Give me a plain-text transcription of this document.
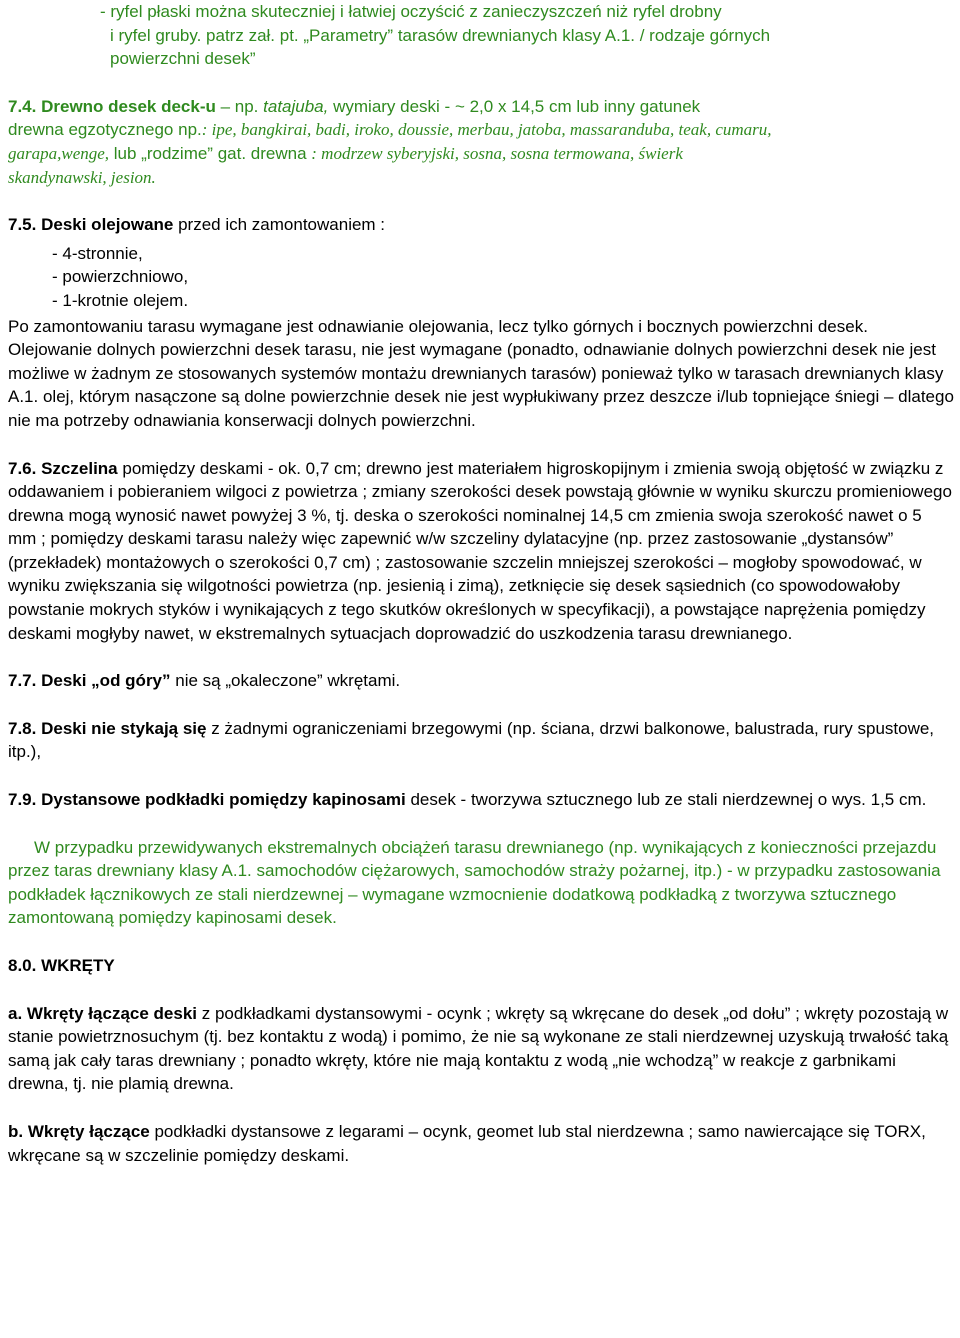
- ryfel płaski można skuteczniej i łatwiej oczyścić z zanieczyszczeń niż ryfel drobny

i ryfel gruby. patrz zał. pt. „Parametry” tarasów drewnianych klasy A.1. / rodzaje górnych

powierzchni desek”

7.4. Drewno desek deck-u – np. tatajuba, wymiary deski - ~ 2,0 x 14,5 cm lub inny gatunek

drewna egzotycznego np.: ipe, bangkirai, badi, iroko, doussie, merbau, jatoba, massaranduba, teak, cumaru,

garapa,wenge, lub „rodzime” gat. drewna : modrzew syberyjski, sosna, sosna termowana, świerk

skandynawski, jesion.

7.5. Deski olejowane przed ich zamontowaniem :

- 4-stronnie,

- powierzchniowo,

- 1-krotnie olejem.

Po zamontowaniu tarasu wymagane jest odnawianie olejowania, lecz tylko górnych i bocznych powierzchni desek. Olejowanie dolnych powierzchni desek tarasu, nie jest wymagane (ponadto, odnawianie dolnych powierzchni desek nie jest możliwe w żadnym ze stosowanych systemów montażu drewnianych tarasów) ponieważ tylko w tarasach drewnianych klasy A.1. olej, którym nasączone są dolne powierzchnie desek nie jest wypłukiwany przez deszcze i/lub topniejące śniegi – dlatego nie ma potrzeby odnawiania konserwacji dolnych powierzchni.

7.6. Szczelina pomiędzy deskami - ok. 0,7 cm; drewno jest materiałem higroskopijnym i zmienia swoją objętość w związku z oddawaniem i pobieraniem wilgoci z powietrza ; zmiany szerokości desek powstają głównie w wyniku skurczu promieniowego drewna mogą wynosić nawet powyżej 3 %, tj. deska o szerokości nominalnej 14,5 cm zmienia swoja szerokość nawet o 5 mm ; pomiędzy deskami tarasu należy więc zapewnić w/w szczeliny dylatacyjne (np. przez zastosowanie „dystansów” (przekładek) montażowych o szerokości 0,7 cm) ; zastosowanie szczelin mniejszej szerokości – mogłoby spowodować, w wyniku zwiększania się wilgotności powietrza (np. jesienią i zimą), zetknięcie się desek sąsiednich (co spowodowałoby powstanie mokrych styków i wynikających z tego skutków określonych w specyfikacji), a powstające naprężenia pomiędzy deskami mogłyby nawet, w ekstremalnych sytuacjach doprowadzić do uszkodzenia tarasu drewnianego.

7.7. Deski „od góry” nie są „okaleczone” wkrętami.

7.8. Deski nie stykają się z żadnymi ograniczeniami brzegowymi (np. ściana, drzwi balkonowe, balustrada, rury spustowe, itp.),

7.9. Dystansowe podkładki pomiędzy kapinosami desek - tworzywa sztucznego lub ze stali nierdzewnej o wys. 1,5 cm.

W przypadku przewidywanych ekstremalnych obciążeń tarasu drewnianego (np. wynikających z konieczności przejazdu przez taras drewniany klasy A.1. samochodów ciężarowych, samochodów straży pożarnej, itp.) - w przypadku zastosowania podkładek łącznikowych ze stali nierdzewnej – wymagane wzmocnienie dodatkową podkładką z tworzywa sztucznego zamontowaną pomiędzy kapinosami desek.

8.0. WKRĘTY

a. Wkręty łączące deski z podkładkami dystansowymi - ocynk ; wkręty są wkręcane do desek „od dołu” ; wkręty pozostają w stanie powietrznosuchym (tj. bez kontaktu z wodą) i pomimo, że nie są wykonane ze stali nierdzewnej uzyskują trwałość taką samą jak cały taras drewniany ; ponadto wkręty, które nie mają kontaktu z wodą „nie wchodzą” w reakcje z garbnikami drewna, tj. nie plamią drewna.

b. Wkręty łączące podkładki dystansowe z legarami – ocynk, geomet lub stal nierdzewna ; samo nawiercające się TORX, wkręcane są w szczelinie pomiędzy deskami.
